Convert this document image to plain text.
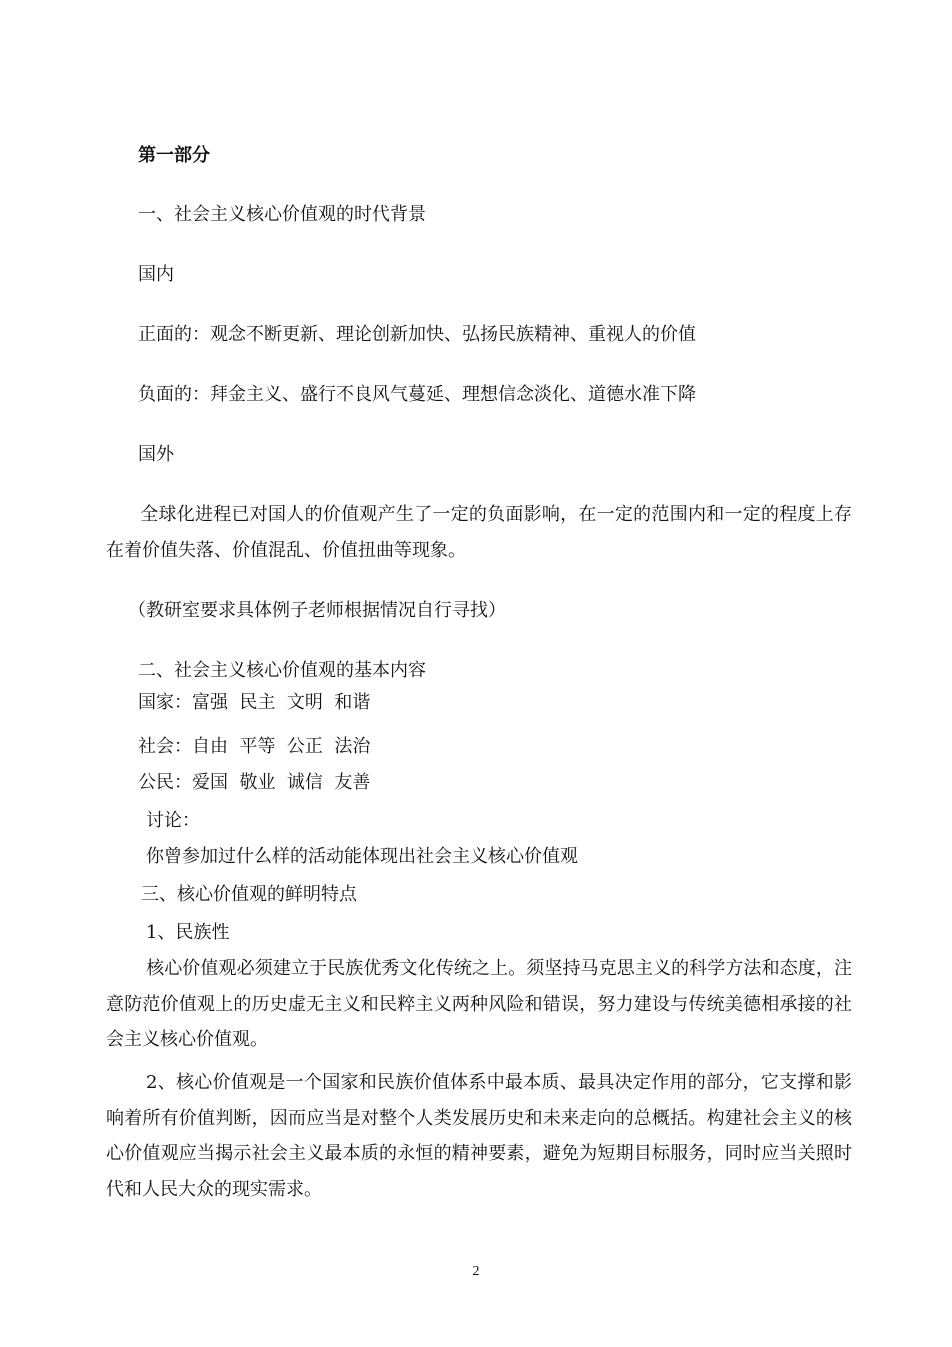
第一部分
一、社会主义核心价值观的时代背景
国内
正面的：观念不断更新、理论创新加快、弘扬民族精神、重视人的价值
负面的：拜金主义、盛行不良风气蔓延、理想信念淡化、道德水准下降
国外
全球化进程已对国人的价值观产生了一定的负面影响，在一定的范围内和一定的程度上存在着价值失落、价值混乱、价值扭曲等现象。
（教研室要求具体例子老师根据情况自行寻找）
二、社会主义核心价值观的基本内容
国家：富强  民主  文明  和谐
社会：自由  平等  公正  法治
公民：爱国  敬业  诚信  友善
讨论：
你曾参加过什么样的活动能体现出社会主义核心价值观
三、核心价值观的鲜明特点
1、民族性
核心价值观必须建立于民族优秀文化传统之上。须坚持马克思主义的科学方法和态度，注意防范价值观上的历史虚无主义和民粹主义两种风险和错误，努力建设与传统美德相承接的社会主义核心价值观。
2、核心价值观是一个国家和民族价值体系中最本质、最具决定作用的部分，它支撑和影响着所有价值判断，因而应当是对整个人类发展历史和未来走向的总概括。构建社会主义的核心价值观应当揭示社会主义最本质的永恒的精神要素，避免为短期目标服务，同时应当关照时代和人民大众的现实需求。
2
